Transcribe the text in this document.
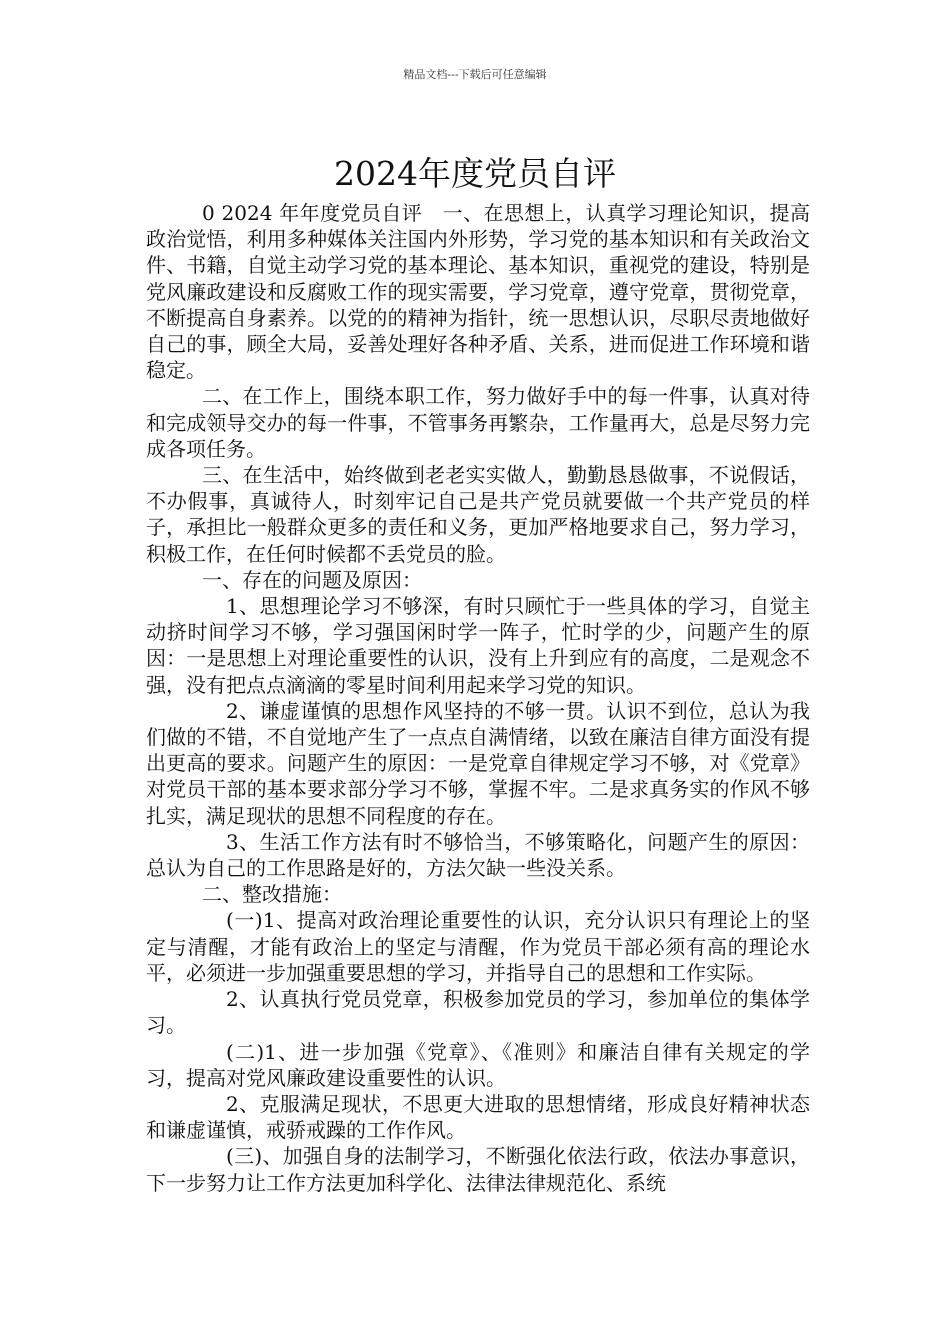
精品文档---下载后可任意编辑
2024年度党员自评

0 2024 年年度党员自评　一、在思想上，认真学习理论知识，提高政治觉悟，利用多种媒体关注国内外形势，学习党的基本知识和有关政治文件、书籍，自觉主动学习党的基本理论、基本知识，重视党的建设，特别是党风廉政建设和反腐败工作的现实需要，学习党章，遵守党章，贯彻党章，不断提高自身素养。以党的的精神为指针，统一思想认识，尽职尽责地做好自己的事，顾全大局，妥善处理好各种矛盾、关系，进而促进工作环境和谐稳定。

二、在工作上，围绕本职工作，努力做好手中的每一件事，认真对待和完成领导交办的每一件事，不管事务再繁杂，工作量再大，总是尽努力完成各项任务。

三、在生活中，始终做到老老实实做人，勤勤恳恳做事，不说假话，不办假事，真诚待人，时刻牢记自己是共产党员就要做一个共产党员的样子，承担比一般群众更多的责任和义务，更加严格地要求自己，努力学习，积极工作，在任何时候都不丢党员的脸。

一、存在的问题及原因：

1、思想理论学习不够深，有时只顾忙于一些具体的学习，自觉主动挤时间学习不够，学习强国闲时学一阵子，忙时学的少，问题产生的原因：一是思想上对理论重要性的认识，没有上升到应有的高度，二是观念不强，没有把点点滴滴的零星时间利用起来学习党的知识。

2、谦虚谨慎的思想作风坚持的不够一贯。认识不到位，总认为我们做的不错，不自觉地产生了一点点自满情绪，以致在廉洁自律方面没有提出更高的要求。问题产生的原因：一是党章自律规定学习不够，对《党章》对党员干部的基本要求部分学习不够，掌握不牢。二是求真务实的作风不够扎实，满足现状的思想不同程度的存在。

3、生活工作方法有时不够恰当，不够策略化，问题产生的原因：总认为自己的工作思路是好的，方法欠缺一些没关系。

二、整改措施：

(一)1、提高对政治理论重要性的认识，充分认识只有理论上的坚定与清醒，才能有政治上的坚定与清醒，作为党员干部必须有高的理论水平，必须进一步加强重要思想的学习，并指导自己的思想和工作实际。

2、认真执行党员党章，积极参加党员的学习，参加单位的集体学习。

(二)1、进一步加强《党章》、《准则》和廉洁自律有关规定的学习，提高对党风廉政建设重要性的认识。

2、克服满足现状，不思更大进取的思想情绪，形成良好精神状态和谦虚谨慎，戒骄戒躁的工作作风。

(三)、加强自身的法制学习，不断强化依法行政，依法办事意识，下一步努力让工作方法更加科学化、法律法律规范化、系统
